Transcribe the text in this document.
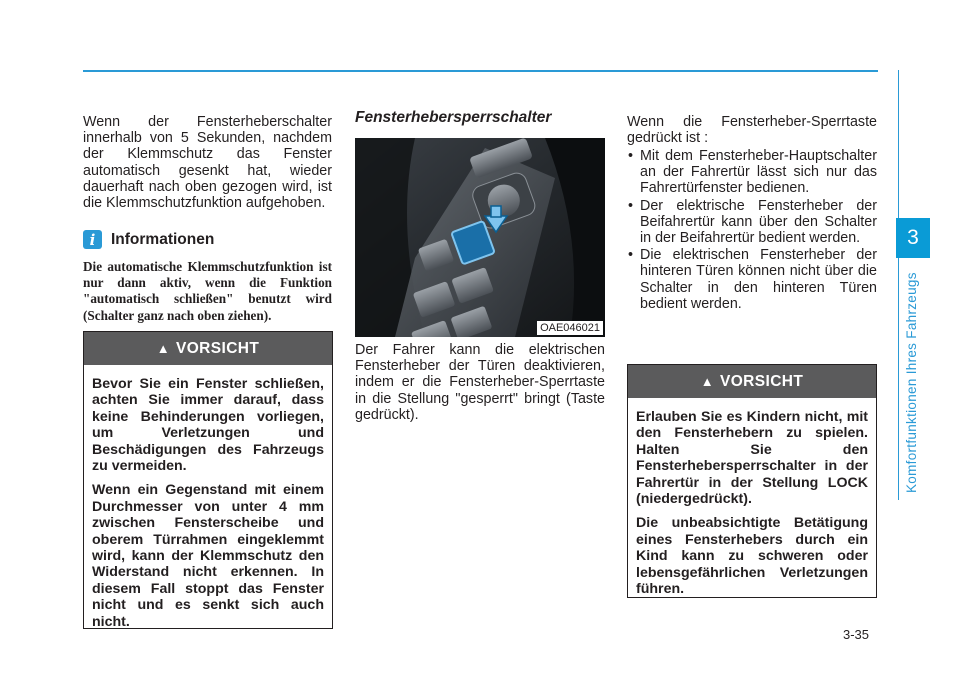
3
Komfortfunktionen Ihres Fahrzeugs

Wenn der Fensterheberschalter innerhalb von 5 Sekunden, nachdem der Klemmschutz das Fenster automatisch gesenkt hat, wieder dauerhaft nach oben gezogen wird, ist die Klemmschutzfunktion aufgehoben.

i	Informationen

Die automatische Klemmschutzfunktion ist nur dann aktiv, wenn die Funktion "automatisch schließen" benutzt wird (Schalter ganz nach oben ziehen).

▲ VORSICHT

Bevor Sie ein Fenster schließen, achten Sie immer darauf, dass keine Behinderungen vorliegen, um Verletzungen und Beschädigungen des Fahrzeugs zu vermeiden.

Wenn ein Gegenstand mit einem Durchmesser von unter 4 mm zwischen Fensterscheibe und oberem Türrahmen eingeklemmt wird, kann der Klemmschutz den Widerstand nicht erkennen. In diesem Fall stoppt das Fenster nicht und es senkt sich auch nicht.

Fensterhebersperrschalter
OAE046021

Der Fahrer kann die elektrischen Fensterheber der Türen deaktivieren, indem er die Fensterheber-Sperrtaste in die Stellung "gesperrt" bringt (Taste gedrückt).

Wenn die Fensterheber-Sperrtaste gedrückt ist :

• Mit dem Fensterheber-Hauptschalter an der Fahrertür lässt sich nur das Fahrertürfenster bedienen.
• Der elektrische Fensterheber der Beifahrertür kann über den Schalter in der Beifahrertür bedient werden.
• Die elektrischen Fensterheber der hinteren Türen können nicht über die Schalter in den hinteren Türen bedient werden.
▲ VORSICHT

Erlauben Sie es Kindern nicht, mit den Fensterhebern zu spielen. Halten Sie den Fensterhebersperrschalter in der Fahrertür in der Stellung LOCK (niedergedrückt).

Die unbeabsichtigte Betätigung eines Fensterhebers durch ein Kind kann zu schweren oder lebensgefährlichen Verletzungen führen.

3-35
